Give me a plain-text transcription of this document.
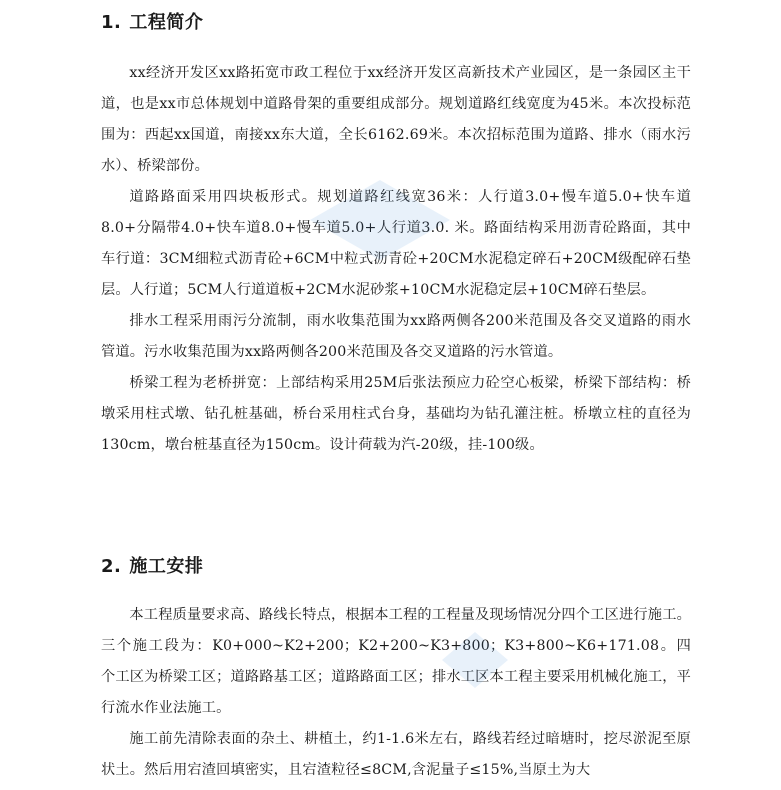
1. 工程简介

xx经济开发区xx路拓宽市政工程位于xx经济开发区高新技术产业园区，是一条园区主干道，也是xx市总体规划中道路骨架的重要组成部分。规划道路红线宽度为45米。本次投标范围为：西起xx国道，南接xx东大道，全长6162.69米。本次招标范围为道路、排水（雨水污水）、桥梁部份。

道路路面采用四块板形式。规划道路红线宽36米：人行道3.0+慢车道5.0+快车道8.0+分隔带4.0+快车道8.0+慢车道5.0+人行道3.0. 米。路面结构采用沥青砼路面，其中车行道：3CM细粒式沥青砼+6CM中粒式沥青砼+20CM水泥稳定碎石+20CM级配碎石垫层。人行道；5CM人行道道板+2CM水泥砂浆+10CM水泥稳定层+10CM碎石垫层。

排水工程采用雨污分流制，雨水收集范围为xx路两侧各200米范围及各交叉道路的雨水管道。污水收集范围为xx路两侧各200米范围及各交叉道路的污水管道。

桥梁工程为老桥拼宽：上部结构采用25M后张法预应力砼空心板梁，桥梁下部结构：桥墩采用柱式墩、钻孔桩基础，桥台采用柱式台身，基础均为钻孔灌注桩。桥墩立柱的直径为130cm，墩台桩基直径为150cm。设计荷载为汽-20级，挂-100级。

2. 施工安排

本工程质量要求高、路线长特点，根据本工程的工程量及现场情况分四个工区进行施工。三个施工段为：K0+000~K2+200；K2+200~K3+800；K3+800~K6+171.08。四个工区为桥梁工区；道路路基工区；道路路面工区；排水工区本工程主要采用机械化施工，平行流水作业法施工。

施工前先清除表面的杂土、耕植土，约1-1.6米左右，路线若经过暗塘时，挖尽淤泥至原状土。然后用宕渣回填密实，且宕渣粒径≤8CM,含泥量子≤15%,当原土为大
